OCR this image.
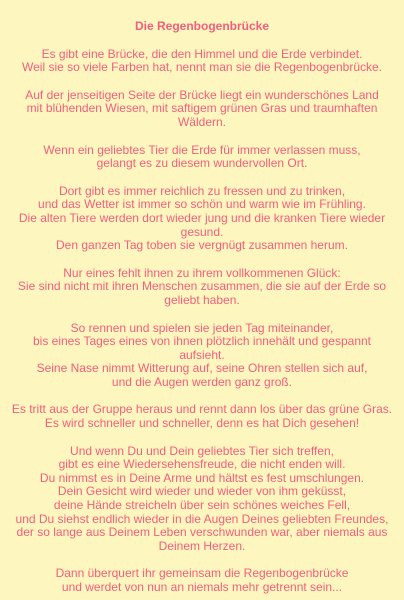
Die Regenbogenbrücke
Es gibt eine Brücke, die den Himmel und die Erde verbindet.
Weil sie so viele Farben hat, nennt man sie die Regenbogenbrücke.
Auf der jenseitigen Seite der Brücke liegt ein wunderschönes Land
mit blühenden Wiesen, mit saftigem grünen Gras und traumhaften
Wäldern.
Wenn ein geliebtes Tier die Erde für immer verlassen muss,
gelangt es zu diesem wundervollen Ort.
Dort gibt es immer reichlich zu fressen und zu trinken,
und das Wetter ist immer so schön und warm wie im Frühling.
Die alten Tiere werden dort wieder jung und die kranken Tiere wieder
gesund.
Den ganzen Tag toben sie vergnügt zusammen herum.
Nur eines fehlt ihnen zu ihrem vollkommenen Glück:
Sie sind nicht mit ihren Menschen zusammen, die sie auf der Erde so
geliebt haben.
So rennen und spielen sie jeden Tag miteinander,
bis eines Tages eines von ihnen plötzlich innehält und gespannt
aufsieht.
Seine Nase nimmt Witterung auf, seine Ohren stellen sich auf,
und die Augen werden ganz groß.
Es tritt aus der Gruppe heraus und rennt dann los über das grüne Gras.
Es wird schneller und schneller, denn es hat Dich gesehen!
Und wenn Du und Dein geliebtes Tier sich treffen,
gibt es eine Wiedersehensfreude, die nicht enden will.
Du nimmst es in Deine Arme und hältst es fest umschlungen.
Dein Gesicht wird wieder und wieder von ihm geküsst,
deine Hände streicheln über sein schönes weiches Fell,
und Du siehst endlich wieder in die Augen Deines geliebten Freundes,
der so lange aus Deinem Leben verschwunden war, aber niemals aus
Deinem Herzen.
Dann überquert ihr gemeinsam die Regenbogenbrücke
und werdet von nun an niemals mehr getrennt sein...
